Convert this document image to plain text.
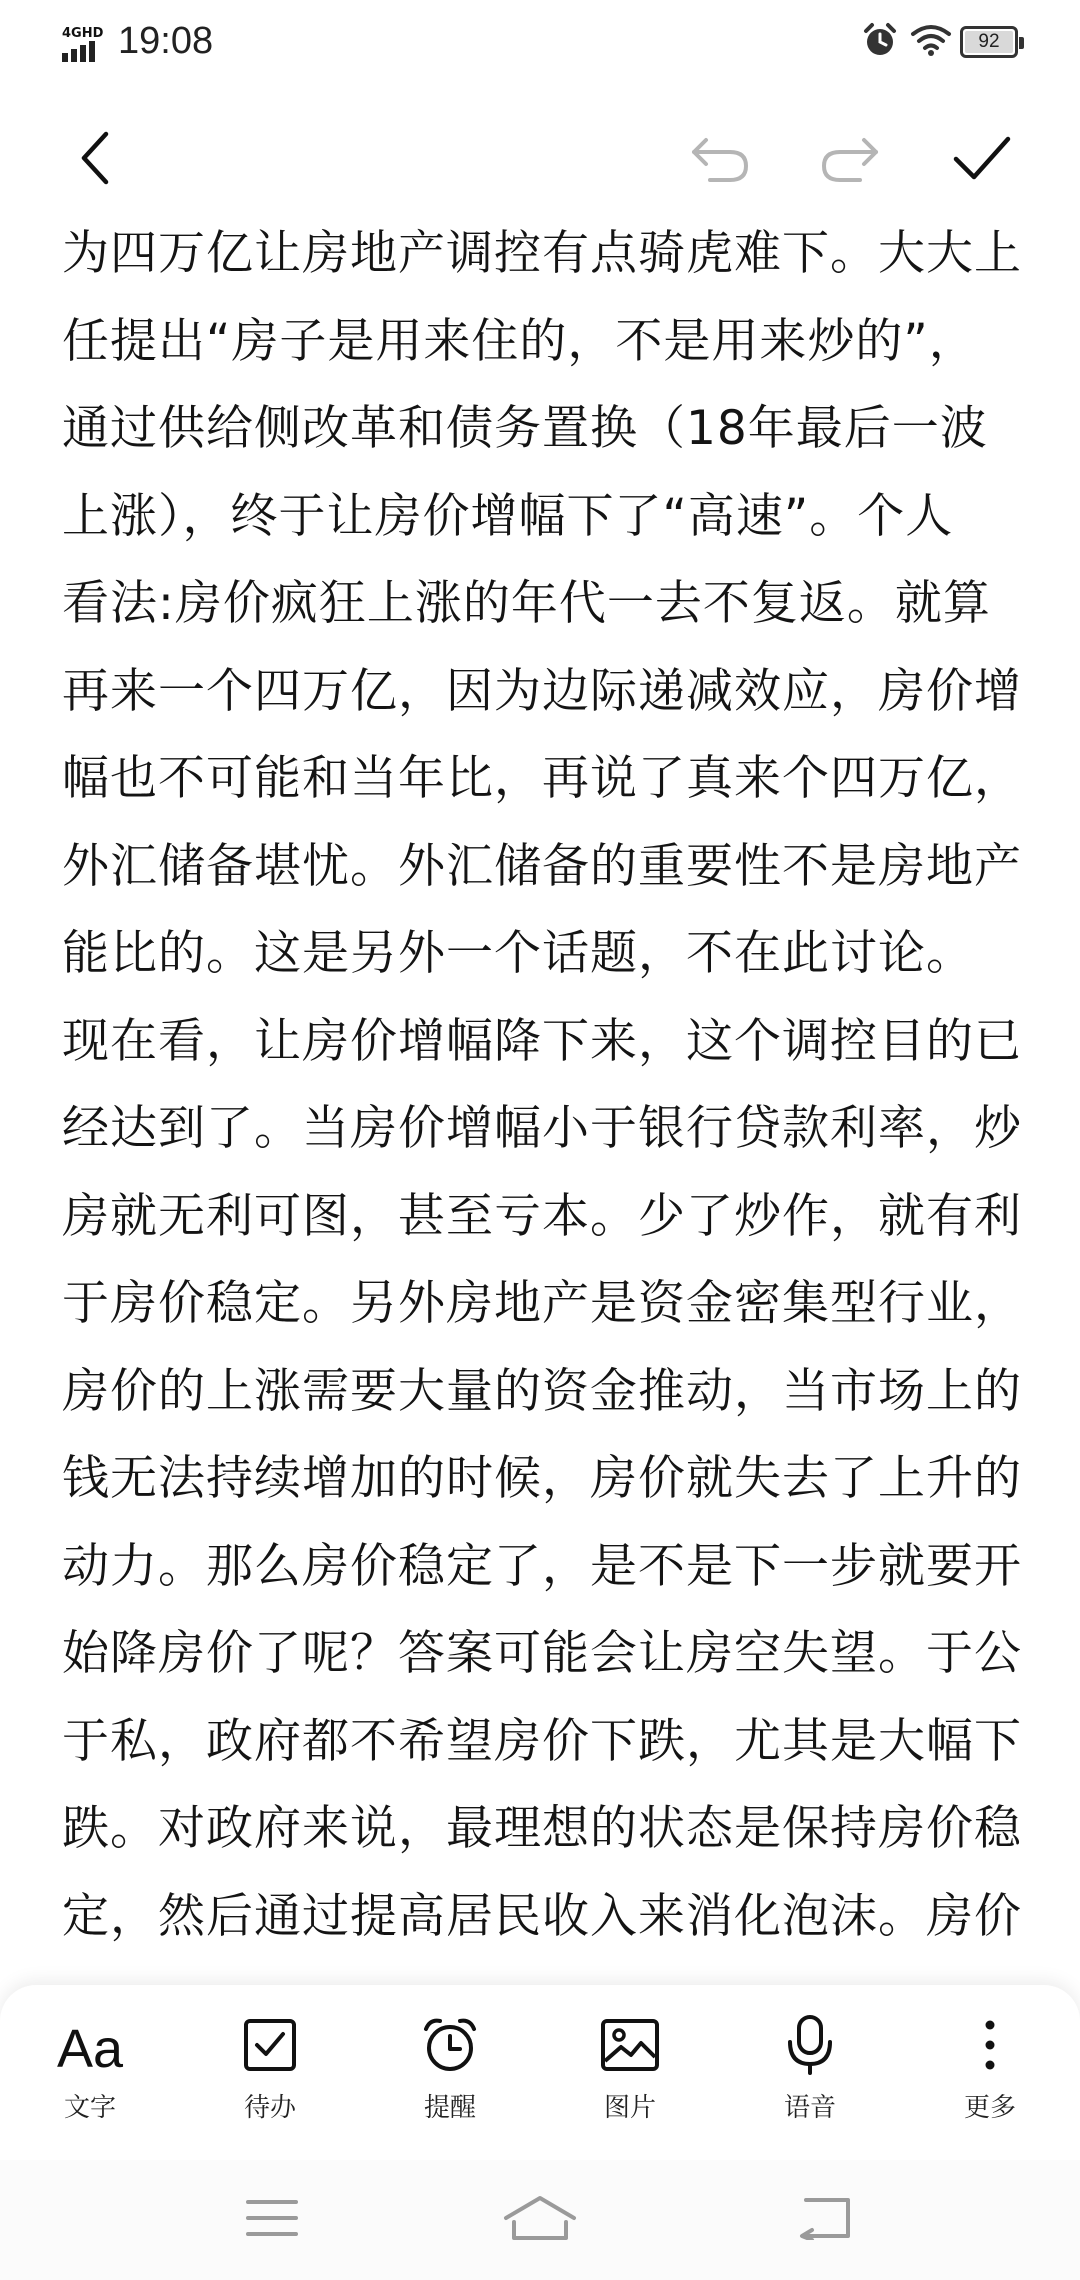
4GHD 19:08	92

为四万亿让房地产调控有点骑虎难下。大大上

任提出“房子是用来住的，不是用来炒的”，

通过供给侧改革和债务置换（18年最后一波

上涨），终于让房价增幅下了“高速”。个人

看法:房价疯狂上涨的年代一去不复返。就算

再来一个四万亿，因为边际递减效应，房价增

幅也不可能和当年比，再说了真来个四万亿，

外汇储备堪忧。外汇储备的重要性不是房地产

能比的。这是另外一个话题，不在此讨论。

现在看，让房价增幅降下来，这个调控目的已

经达到了。当房价增幅小于银行贷款利率，炒

房就无利可图，甚至亏本。少了炒作，就有利

于房价稳定。另外房地产是资金密集型行业，

房价的上涨需要大量的资金推动，当市场上的

钱无法持续增加的时候，房价就失去了上升的

动力。那么房价稳定了，是不是下一步就要开

始降房价了呢？答案可能会让房空失望。于公

于私，政府都不希望房价下跌，尤其是大幅下

跌。对政府来说，最理想的状态是保持房价稳

定，然后通过提高居民收入来消化泡沫。房价

Aa
文字	待办	提醒	图片	语音	更多
